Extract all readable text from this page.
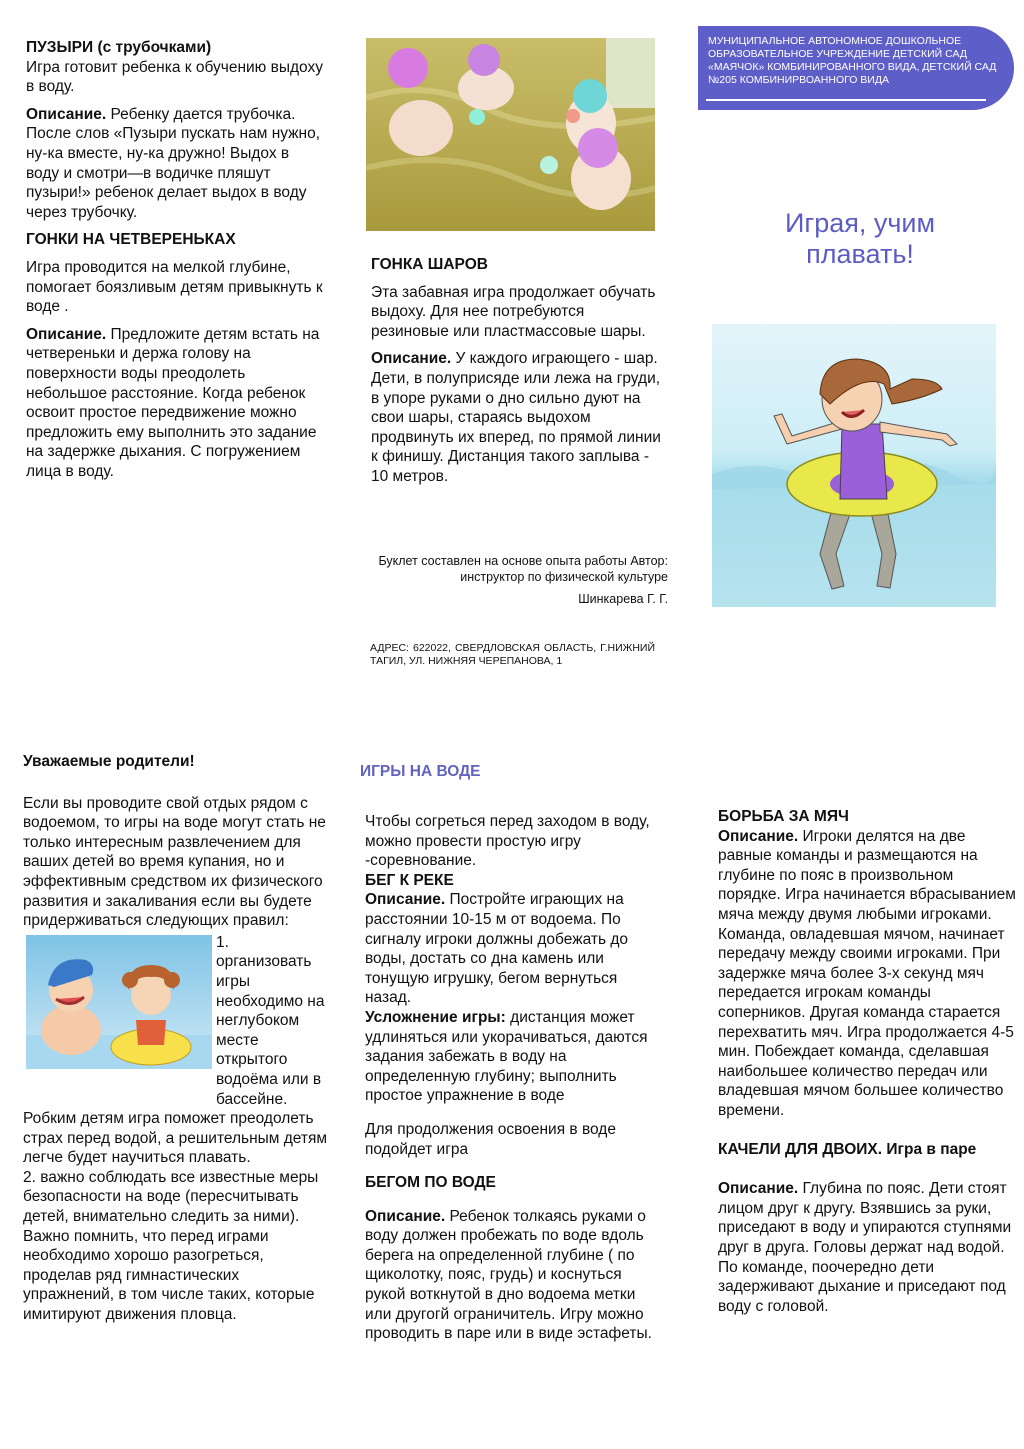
ПУЗЫРИ (с трубочками)

Игра готовит ребенка к обучению выдоху в воду.

Описание. Ребенку дается трубочка. После слов «Пузыри пускать нам нужно, ну-ка вместе, ну-ка дружно! Выдох в воду и смотри—в водичке пляшут пузыри!» ребенок делает выдох в воду через трубочку.

ГОНКИ НА ЧЕТВЕРЕНЬКАХ

Игра проводится на мелкой глубине, помогает боязливым детям привыкнуть к воде .

Описание. Предложите детям встать на четвереньки и держа голову на поверхности воды преодолеть небольшое расстояние. Когда ребенок освоит простое передвижение можно предложить ему выполнить это задание на задержке дыхания. С погружением лица в воду.

ГОНКА ШАРОВ

Эта забавная игра продолжает обучать выдоху. Для нее потребуются резиновые или пластмассовые шары.

Описание. У каждого играющего - шар. Дети, в полуприсяде или лежа на груди, в упоре руками о дно сильно дуют на свои шары, стараясь выдохом продвинуть их вперед, по прямой линии к финишу. Дистанция такого заплыва - 10 метров.

Буклет составлен на основе опыта работы Автор:
инструктор по физической культуре
Шинкарева Г. Г.
АДРЕС: 622022, СВЕРДЛОВСКАЯ ОБЛАСТЬ, Г.НИЖНИЙ ТАГИЛ, УЛ. НИЖНЯЯ ЧЕРЕПАНОВА, 1
МУНИЦИПАЛЬНОЕ АВТОНОМНОЕ ДОШКОЛЬНОЕ ОБРАЗОВАТЕЛЬНОЕ УЧРЕЖДЕНИЕ ДЕТСКИЙ САД «МАЯЧОК» КОМБИНИРОВАННОГО ВИДА, ДЕТСКИЙ САД №205 КОМБИНИРВОАННОГО ВИДА
Играя, учим плавать!

Уважаемые родители!

Если вы проводите свой отдых рядом с водоемом, то игры на воде могут стать не только интересным развлечением для ваших детей во время купания, но и эффективным средством их физического развития и закаливания если вы будете придерживаться следующих правил:

1. организовать игры необходимо на неглубоком месте открытого водоёма или в бассейне.

Робким детям игра поможет преодолеть страх перед водой, а решительным детям легче будет научиться плавать.

2. важно соблюдать все известные меры безопасности на воде (пересчитывать детей, внимательно следить за ними). Важно помнить, что перед играми необходимо хорошо разогреться, проделав ряд гимнастических упражнений, в том числе таких, которые имитируют движения пловца.

ИГРЫ НА ВОДЕ

Чтобы согреться перед заходом в воду, можно провести простую игру -соревнование.

БЕГ К РЕКЕ

Описание. Постройте играющих на расстоянии 10-15 м от водоема. По сигналу игроки должны добежать до воды, достать со дна камень или тонущую игрушку, бегом вернуться назад.

Усложнение игры: дистанция может удлиняться или укорачиваться, даются задания забежать в воду на определенную глубину; выполнить простое упражнение в воде

Для продолжения освоения в воде подойдет игра

БЕГОМ ПО ВОДЕ

Описание. Ребенок толкаясь руками о воду должен пробежать по воде вдоль берега на определенной глубине ( по щиколотку, пояс, грудь) и коснуться рукой воткнутой в дно водоема метки или другогй ограничитель. Игру можно проводить в паре или в виде эстафеты.

БОРЬБА ЗА МЯЧ

Описание. Игроки делятся на две равные команды и размещаются на глубине по пояс в произвольном порядке. Игра начинается вбрасыванием мяча между двумя любыми игроками. Команда, овладевшая мячом, начинает передачу между своими игроками. При задержке мяча более 3-х секунд мяч передается игрокам команды соперников. Другая команда старается перехватить мяч. Игра продолжается 4-5 мин. Побеждает команда, сделавшая наибольшее количество передач или владевшая мячом большее количество времени.

КАЧЕЛИ ДЛЯ ДВОИХ. Игра в паре

Описание. Глубина по пояс. Дети стоят лицом друг к другу. Взявшись за руки, приседают в воду и упираются ступнями друг в друга. Головы держат над водой.

По команде, поочередно дети задерживают дыхание и приседают под воду с головой.
